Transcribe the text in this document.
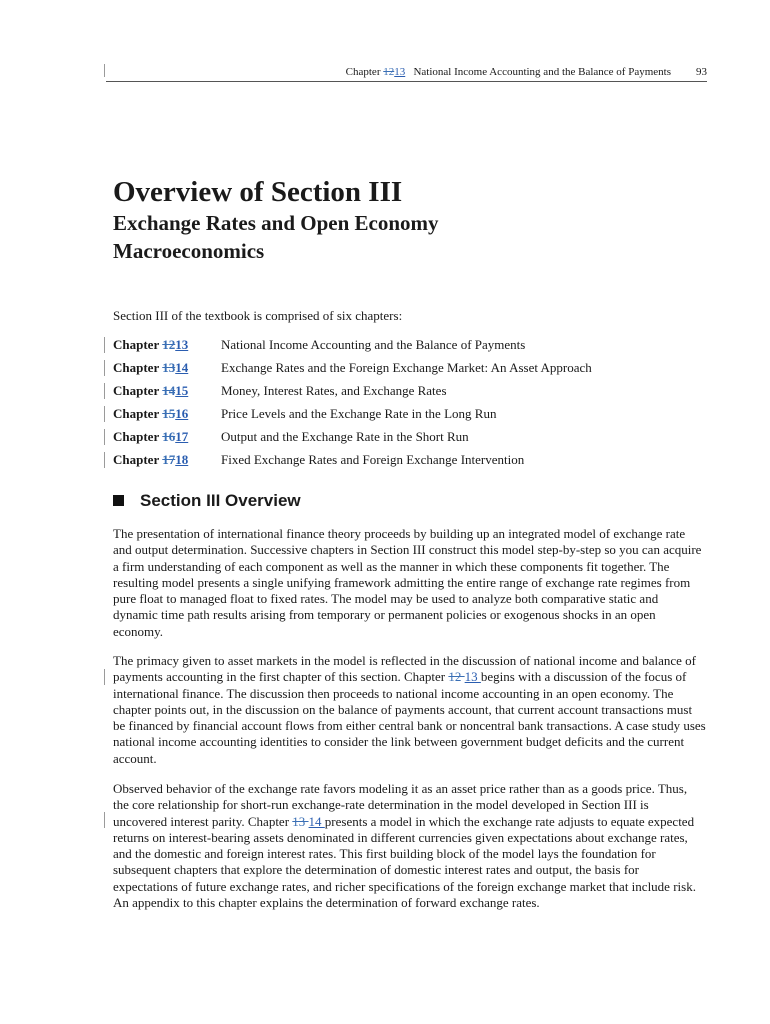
Chapter 1213 National Income Accounting and the Balance of Payments 93
Overview of Section III
Exchange Rates and Open Economy Macroeconomics
Section III of the textbook is comprised of six chapters:
Chapter 1213	National Income Accounting and the Balance of Payments
Chapter 1314	Exchange Rates and the Foreign Exchange Market: An Asset Approach
Chapter 1415	Money, Interest Rates, and Exchange Rates
Chapter 1516	Price Levels and the Exchange Rate in the Long Run
Chapter 1617	Output and the Exchange Rate in the Short Run
Chapter 1718	Fixed Exchange Rates and Foreign Exchange Intervention
Section III Overview

The presentation of international finance theory proceeds by building up an integrated model of exchange rate and output determination. Successive chapters in Section III construct this model step-by-step so you can acquire a firm understanding of each component as well as the manner in which these components fit together. The resulting model presents a single unifying framework admitting the entire range of exchange rate regimes from pure float to managed float to fixed rates. The model may be used to analyze both comparative static and dynamic time path results arising from temporary or permanent policies or exogenous shocks in an open economy.

The primacy given to asset markets in the model is reflected in the discussion of national income and balance of payments accounting in the first chapter of this section. Chapter 12 13 begins with a discussion of the focus of international finance. The discussion then proceeds to national income accounting in an open economy. The chapter points out, in the discussion on the balance of payments account, that current account transactions must be financed by financial account flows from either central bank or noncentral bank transactions. A case study uses national income accounting identities to consider the link between government budget deficits and the current account.

Observed behavior of the exchange rate favors modeling it as an asset price rather than as a goods price. Thus, the core relationship for short-run exchange-rate determination in the model developed in Section III is uncovered interest parity. Chapter 13 14 presents a model in which the exchange rate adjusts to equate expected returns on interest-bearing assets denominated in different currencies given expectations about exchange rates, and the domestic and foreign interest rates. This first building block of the model lays the foundation for subsequent chapters that explore the determination of domestic interest rates and output, the basis for expectations of future exchange rates, and richer specifications of the foreign exchange market that include risk. An appendix to this chapter explains the determination of forward exchange rates.
